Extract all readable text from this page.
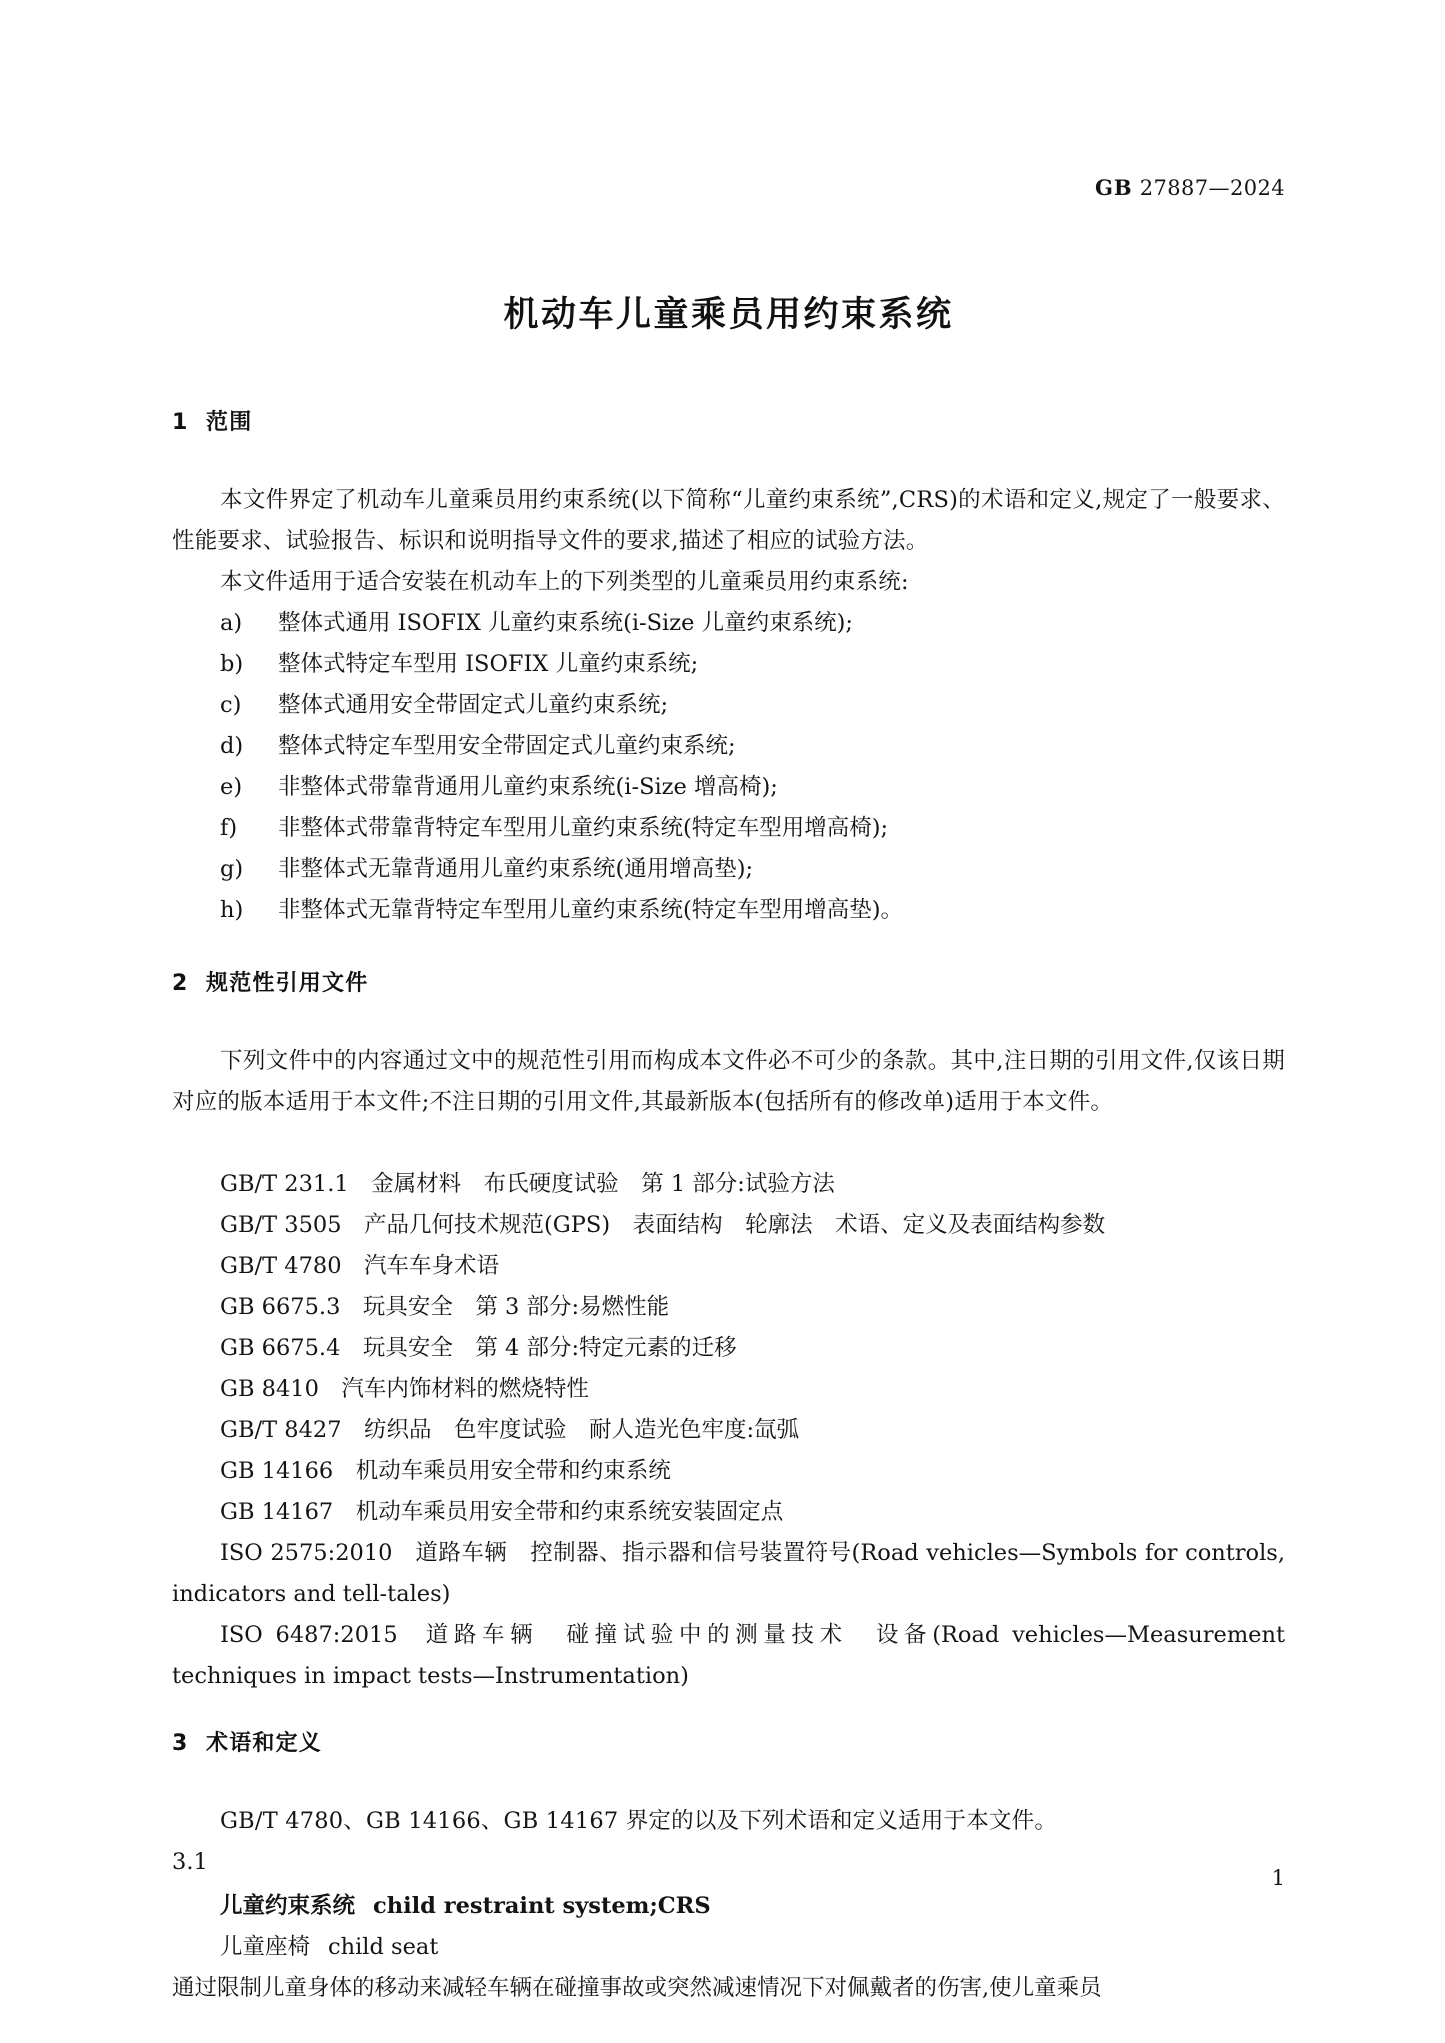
GB 27887—2024
机动车儿童乘员用约束系统
1 范围
本文件界定了机动车儿童乘员用约束系统(以下简称“儿童约束系统”,CRS)的术语和定义,规定了一般要求、性能要求、试验报告、标识和说明指导文件的要求,描述了相应的试验方法。
本文件适用于适合安装在机动车上的下列类型的儿童乘员用约束系统:
a) 整体式通用 ISOFIX 儿童约束系统(i-Size 儿童约束系统);
b) 整体式特定车型用 ISOFIX 儿童约束系统;
c) 整体式通用安全带固定式儿童约束系统;
d) 整体式特定车型用安全带固定式儿童约束系统;
e) 非整体式带靠背通用儿童约束系统(i-Size 增高椅);
f) 非整体式带靠背特定车型用儿童约束系统(特定车型用增高椅);
g) 非整体式无靠背通用儿童约束系统(通用增高垫);
h) 非整体式无靠背特定车型用儿童约束系统(特定车型用增高垫)。
2 规范性引用文件
下列文件中的内容通过文中的规范性引用而构成本文件必不可少的条款。其中,注日期的引用文件,仅该日期对应的版本适用于本文件;不注日期的引用文件,其最新版本(包括所有的修改单)适用于本文件。
GB/T 231.1 金属材料 布氏硬度试验 第 1 部分:试验方法
GB/T 3505 产品几何技术规范(GPS) 表面结构 轮廓法 术语、定义及表面结构参数
GB/T 4780 汽车车身术语
GB 6675.3 玩具安全 第 3 部分:易燃性能
GB 6675.4 玩具安全 第 4 部分:特定元素的迁移
GB 8410 汽车内饰材料的燃烧特性
GB/T 8427 纺织品 色牢度试验 耐人造光色牢度:氙弧
GB 14166 机动车乘员用安全带和约束系统
GB 14167 机动车乘员用安全带和约束系统安装固定点
ISO 2575:2010 道路车辆 控制器、指示器和信号装置符号(Road vehicles—Symbols for controls, indicators and tell-tales)
ISO 6487:2015 道路车辆 碰撞试验中的测量技术 设备(Road vehicles—Measurement techniques in impact tests—Instrumentation)
3 术语和定义
GB/T 4780、GB 14166、GB 14167 界定的以及下列术语和定义适用于本文件。
3.1
儿童约束系统 child restraint system;CRS
儿童座椅 child seat
通过限制儿童身体的移动来减轻车辆在碰撞事故或突然减速情况下对佩戴者的伤害,使儿童乘员
1
